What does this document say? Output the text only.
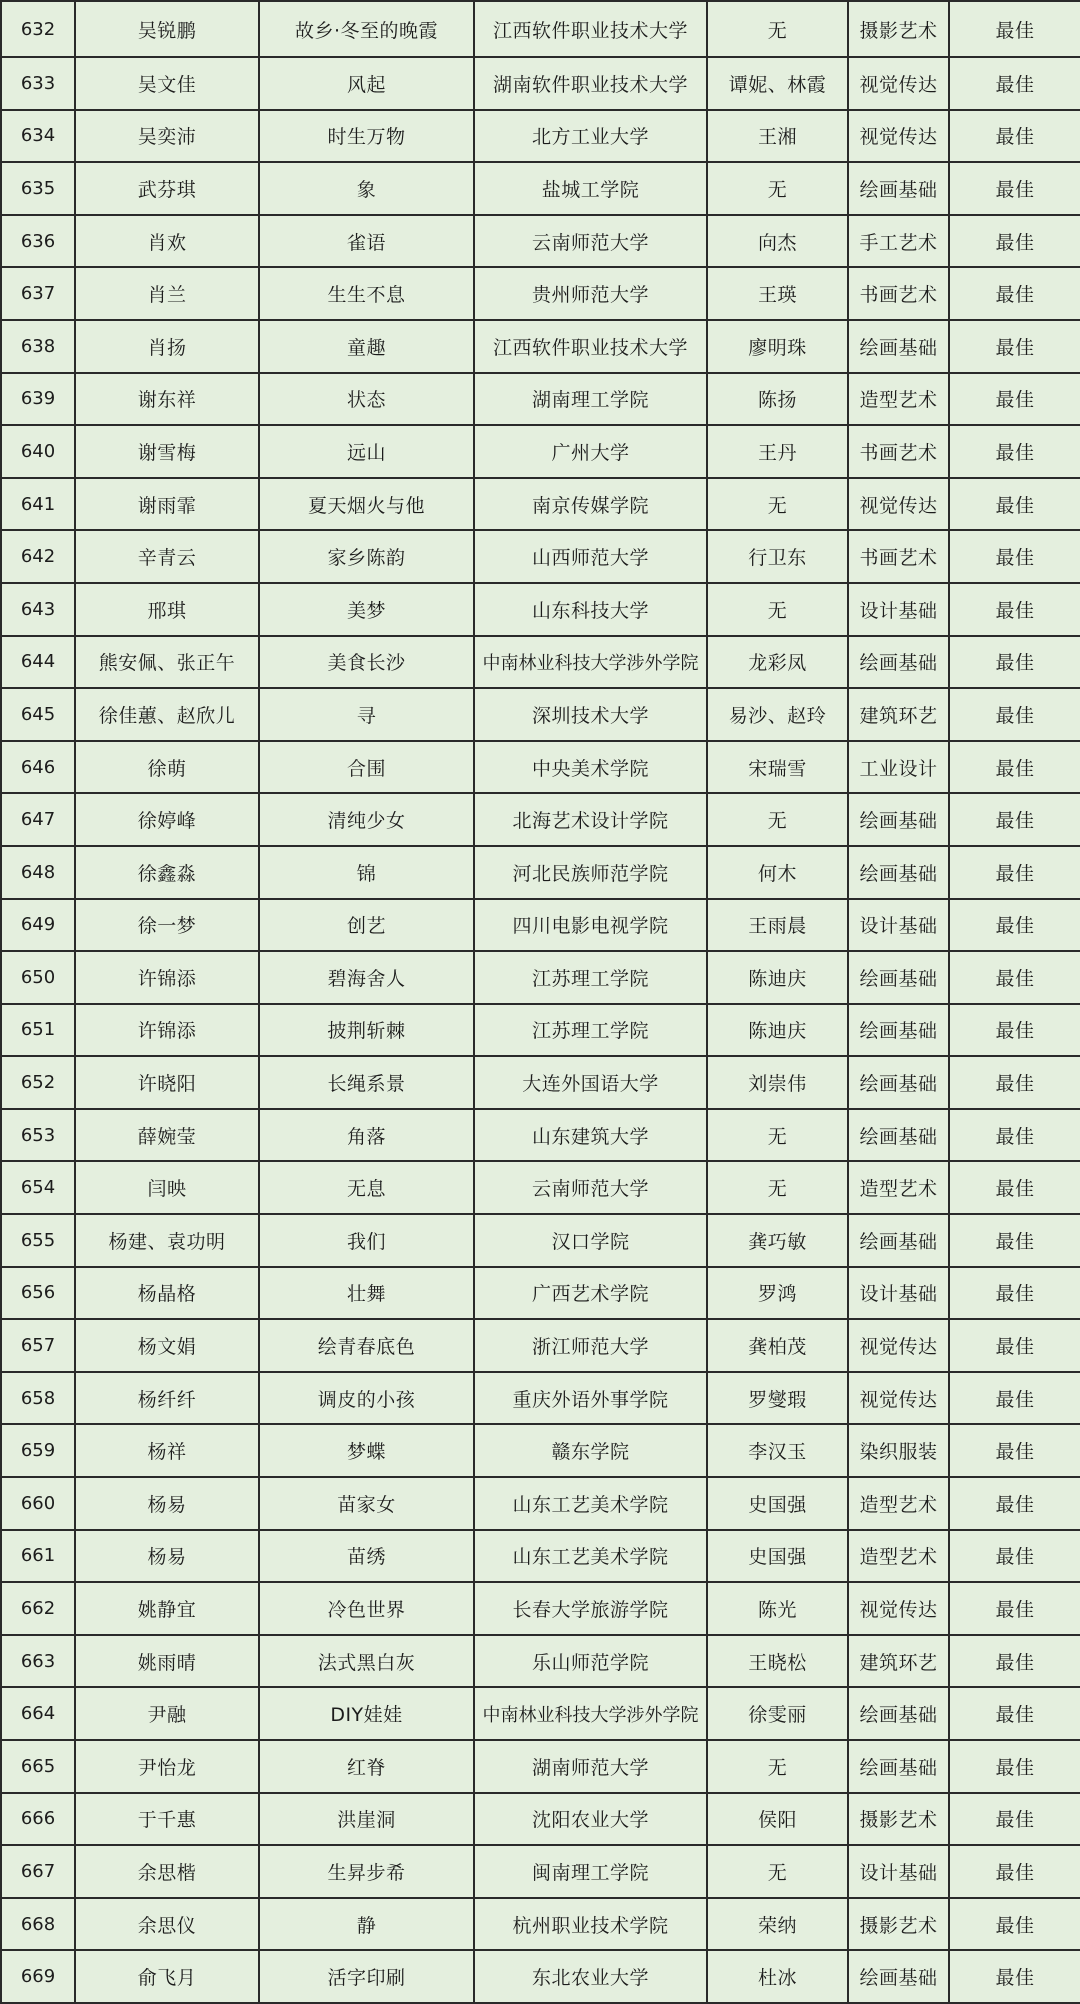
632	吴锐鹏	故乡·冬至的晚霞	江西软件职业技术大学	无	摄影艺术	最佳
633	吴文佳	风起	湖南软件职业技术大学	谭妮、林霞	视觉传达	最佳
634	吴奕沛	时生万物	北方工业大学	王湘	视觉传达	最佳
635	武芬琪	象	盐城工学院	无	绘画基础	最佳
636	肖欢	雀语	云南师范大学	向杰	手工艺术	最佳
637	肖兰	生生不息	贵州师范大学	王瑛	书画艺术	最佳
638	肖扬	童趣	江西软件职业技术大学	廖明珠	绘画基础	最佳
639	谢东祥	状态	湖南理工学院	陈扬	造型艺术	最佳
640	谢雪梅	远山	广州大学	王丹	书画艺术	最佳
641	谢雨霏	夏天烟火与他	南京传媒学院	无	视觉传达	最佳
642	辛青云	家乡陈韵	山西师范大学	行卫东	书画艺术	最佳
643	邢琪	美梦	山东科技大学	无	设计基础	最佳
644	熊安佩、张正午	美食长沙	中南林业科技大学涉外学院	龙彩凤	绘画基础	最佳
645	徐佳蕙、赵欣儿	寻	深圳技术大学	易沙、赵玲	建筑环艺	最佳
646	徐萌	合围	中央美术学院	宋瑞雪	工业设计	最佳
647	徐婷峰	清纯少女	北海艺术设计学院	无	绘画基础	最佳
648	徐鑫淼	锦	河北民族师范学院	何木	绘画基础	最佳
649	徐一梦	创艺	四川电影电视学院	王雨晨	设计基础	最佳
650	许锦添	碧海舍人	江苏理工学院	陈迪庆	绘画基础	最佳
651	许锦添	披荆斩棘	江苏理工学院	陈迪庆	绘画基础	最佳
652	许晓阳	长绳系景	大连外国语大学	刘崇伟	绘画基础	最佳
653	薛婉莹	角落	山东建筑大学	无	绘画基础	最佳
654	闫映	无息	云南师范大学	无	造型艺术	最佳
655	杨建、袁功明	我们	汉口学院	龚巧敏	绘画基础	最佳
656	杨晶格	壮舞	广西艺术学院	罗鸿	设计基础	最佳
657	杨文娟	绘青春底色	浙江师范大学	龚柏茂	视觉传达	最佳
658	杨纤纤	调皮的小孩	重庆外语外事学院	罗燮瑕	视觉传达	最佳
659	杨祥	梦蝶	赣东学院	李汉玉	染织服装	最佳
660	杨易	苗家女	山东工艺美术学院	史国强	造型艺术	最佳
661	杨易	苗绣	山东工艺美术学院	史国强	造型艺术	最佳
662	姚静宜	冷色世界	长春大学旅游学院	陈光	视觉传达	最佳
663	姚雨晴	法式黑白灰	乐山师范学院	王晓松	建筑环艺	最佳
664	尹融	DIY娃娃	中南林业科技大学涉外学院	徐雯丽	绘画基础	最佳
665	尹怡龙	红脊	湖南师范大学	无	绘画基础	最佳
666	于千惠	洪崖洞	沈阳农业大学	侯阳	摄影艺术	最佳
667	余思楷	生昇步希	闽南理工学院	无	设计基础	最佳
668	余思仪	静	杭州职业技术学院	荣纳	摄影艺术	最佳
669	俞飞月	活字印刷	东北农业大学	杜冰	绘画基础	最佳
